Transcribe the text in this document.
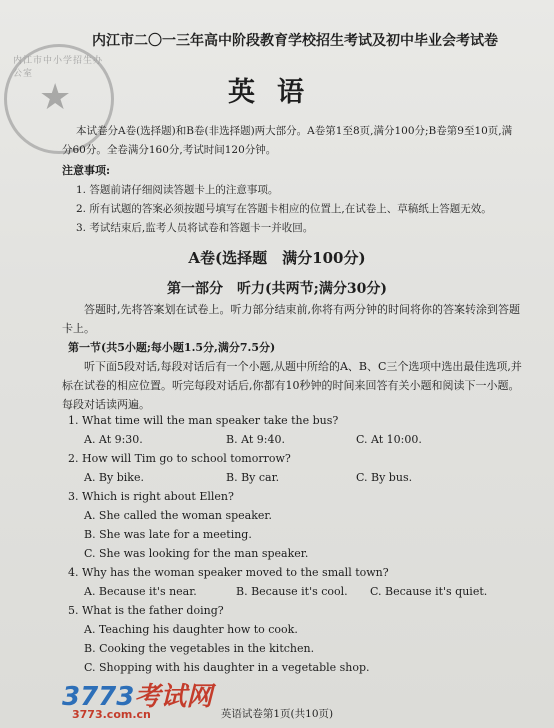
内江市中小学招生办公室
★
内江市二〇一三年高中阶段教育学校招生考试及初中毕业会考试卷
英语
本试卷分A卷(选择题)和B卷(非选择题)两大部分。A卷第1至8页,满分100分;B卷第9至10页,满分60分。全卷满分160分,考试时间120分钟。
注意事项:
1. 答题前请仔细阅读答题卡上的注意事项。
2. 所有试题的答案必须按题号填写在答题卡相应的位置上,在试卷上、草稿纸上答题无效。
3. 考试结束后,监考人员将试卷和答题卡一并收回。
A卷(选择题　满分100分)
第一部分　听力(共两节;满分30分)
答题时,先将答案划在试卷上。听力部分结束前,你将有两分钟的时间将你的答案转涂到答题卡上。
第一节(共5小题;每小题1.5分,满分7.5分)
听下面5段对话,每段对话后有一个小题,从题中所给的A、B、C三个选项中选出最佳选项,并标在试卷的相应位置。听完每段对话后,你都有10秒钟的时间来回答有关小题和阅读下一小题。每段对话读两遍。
1. What time will the man speaker take the bus?
A. At 9:30.	B. At 9:40.	C. At 10:00.
2. How will Tim go to school tomorrow?
A. By bike.	B. By car.	C. By bus.
3. Which is right about Ellen?
A. She called the woman speaker.
B. She was late for a meeting.
C. She was looking for the man speaker.
4. Why has the woman speaker moved to the small town?
A. Because it's near.	B. Because it's cool. C. Because it's quiet.
5. What is the father doing?
A. Teaching his daughter how to cook.
B. Cooking the vegetables in the kitchen.
C. Shopping with his daughter in a vegetable shop.
3773考试网
3773.com.cn	英语试卷第1页(共10页)
